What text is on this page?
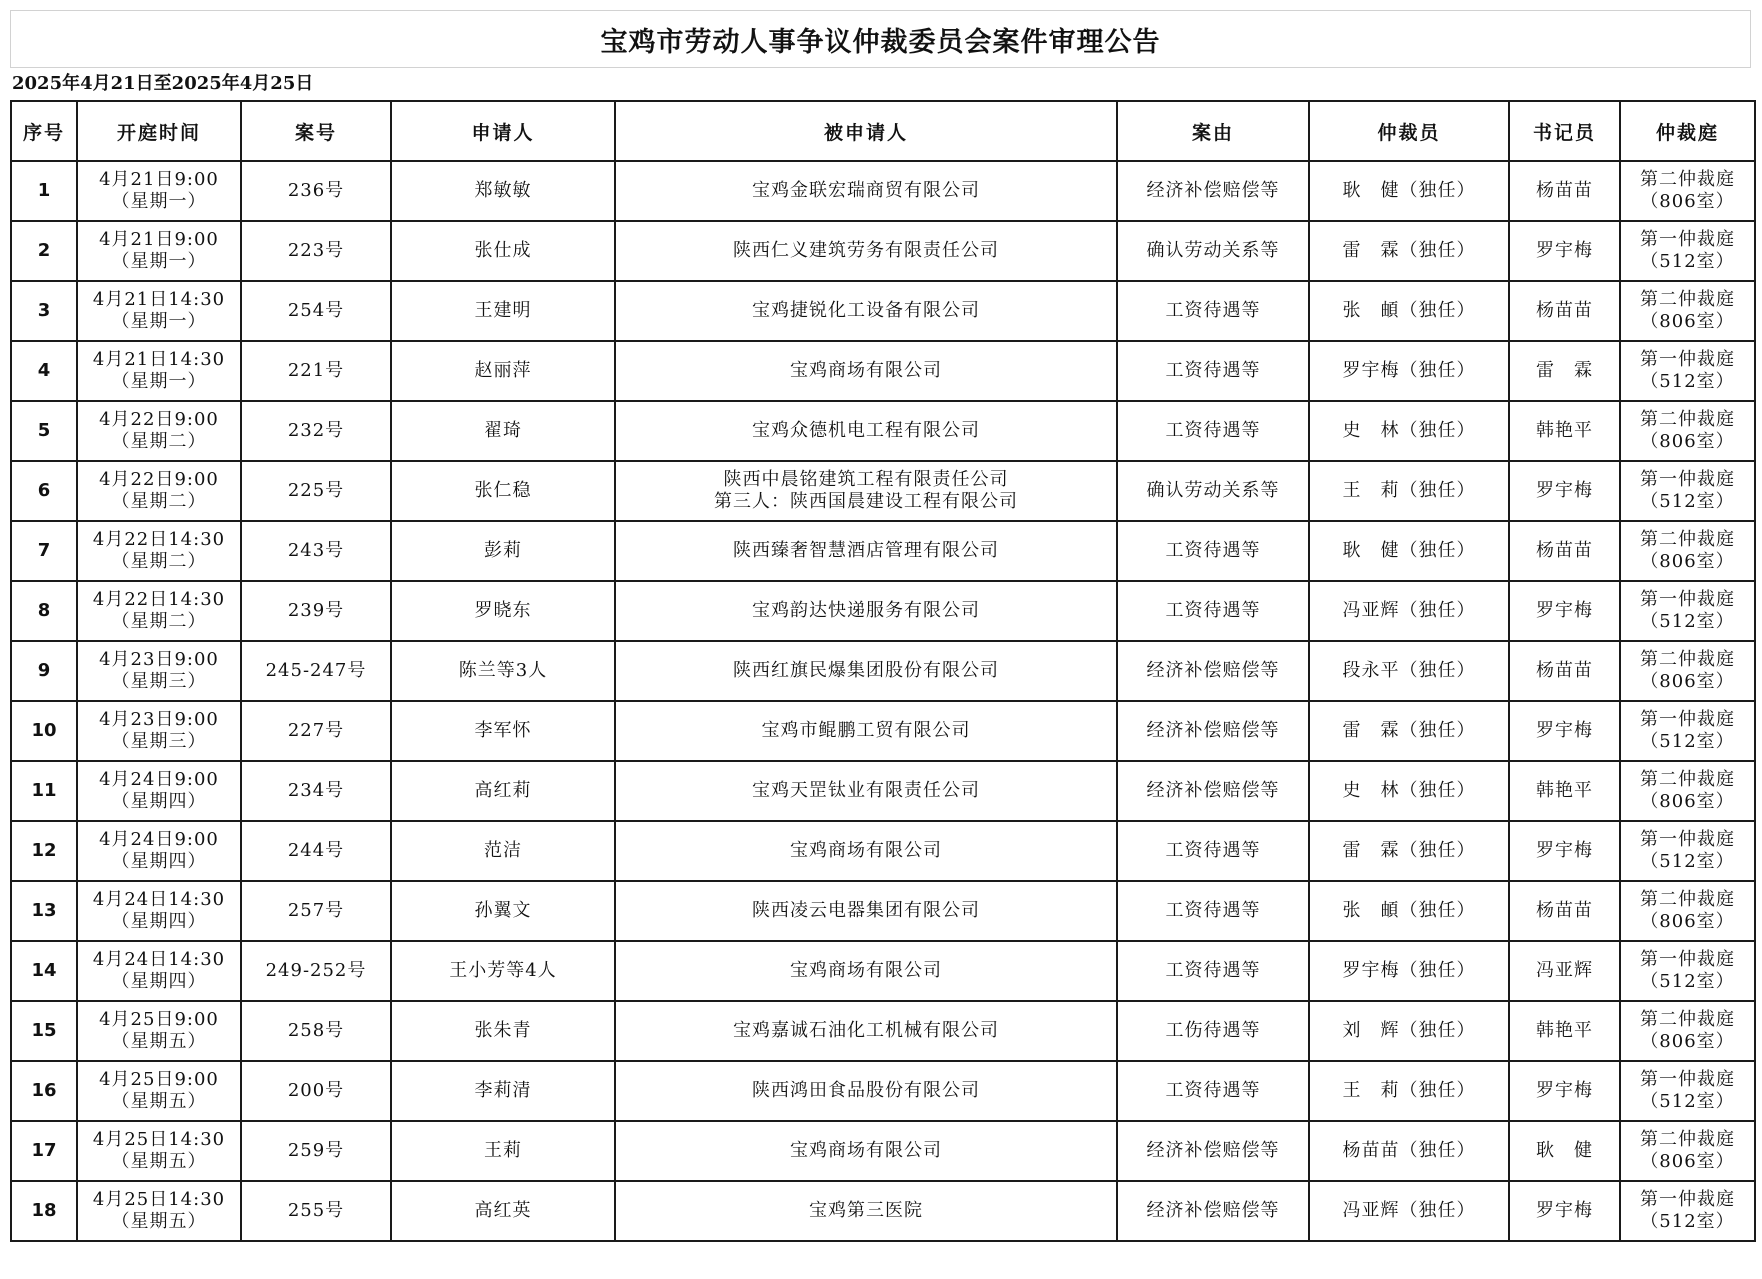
宝鸡市劳动人事争议仲裁委员会案件审理公告
2025年4月21日至2025年4月25日
序号	开庭时间	案号	申请人	被申请人	案由	仲裁员	书记员	仲裁庭
1	4月21日9:00
（星期一）	236号	郑敏敏	宝鸡金联宏瑞商贸有限公司	经济补偿赔偿等	耿　健（独任）	杨苗苗	第二仲裁庭
（806室）

2	4月21日9:00
（星期一）	223号	张仕成	陕西仁义建筑劳务有限责任公司	确认劳动关系等	雷　霖（独任）	罗宇梅	第一仲裁庭
（512室）

3	4月21日14:30
（星期一）	254号	王建明	宝鸡捷锐化工设备有限公司	工资待遇等	张　頔（独任）	杨苗苗	第二仲裁庭
（806室）

4	4月21日14:30
（星期一）	221号	赵丽萍	宝鸡商场有限公司	工资待遇等	罗宇梅（独任）	雷　霖	第一仲裁庭
（512室）

5	4月22日9:00
（星期二）	232号	翟琦	宝鸡众德机电工程有限公司	工资待遇等	史　林（独任）	韩艳平	第二仲裁庭
（806室）

6	4月22日9:00
（星期二）	225号	张仁稳	陕西中晨铭建筑工程有限责任公司
第三人：陕西国晨建设工程有限公司	确认劳动关系等	王　莉（独任）	罗宇梅	第一仲裁庭
（512室）

7	4月22日14:30
（星期二）	243号	彭莉	陕西臻奢智慧酒店管理有限公司	工资待遇等	耿　健（独任）	杨苗苗	第二仲裁庭
（806室）

8	4月22日14:30
（星期二）	239号	罗晓东	宝鸡韵达快递服务有限公司	工资待遇等	冯亚辉（独任）	罗宇梅	第一仲裁庭
（512室）

9	4月23日9:00
（星期三）	245-247号	陈兰等3人	陕西红旗民爆集团股份有限公司	经济补偿赔偿等	段永平（独任）	杨苗苗	第二仲裁庭
（806室）

10	4月23日9:00
（星期三）	227号	李军怀	宝鸡市鲲鹏工贸有限公司	经济补偿赔偿等	雷　霖（独任）	罗宇梅	第一仲裁庭
（512室）

11	4月24日9:00
（星期四）	234号	高红莉	宝鸡天罡钛业有限责任公司	经济补偿赔偿等	史　林（独任）	韩艳平	第二仲裁庭
（806室）

12	4月24日9:00
（星期四）	244号	范洁	宝鸡商场有限公司	工资待遇等	雷　霖（独任）	罗宇梅	第一仲裁庭
（512室）

13	4月24日14:30
（星期四）	257号	孙翼文	陕西凌云电器集团有限公司	工资待遇等	张　頔（独任）	杨苗苗	第二仲裁庭
（806室）

14	4月24日14:30
（星期四）	249-252号	王小芳等4人	宝鸡商场有限公司	工资待遇等	罗宇梅（独任）	冯亚辉	第一仲裁庭
（512室）

15	4月25日9:00
（星期五）	258号	张朱青	宝鸡嘉诚石油化工机械有限公司	工伤待遇等	刘　辉（独任）	韩艳平	第二仲裁庭
（806室）

16	4月25日9:00
（星期五）	200号	李莉清	陕西鸿田食品股份有限公司	工资待遇等	王　莉（独任）	罗宇梅	第一仲裁庭
（512室）

17	4月25日14:30
（星期五）	259号	王莉	宝鸡商场有限公司	经济补偿赔偿等	杨苗苗（独任）	耿　健	第二仲裁庭
（806室）

18	4月25日14:30
（星期五）	255号	高红英	宝鸡第三医院	经济补偿赔偿等	冯亚辉（独任）	罗宇梅	第一仲裁庭
（512室）
